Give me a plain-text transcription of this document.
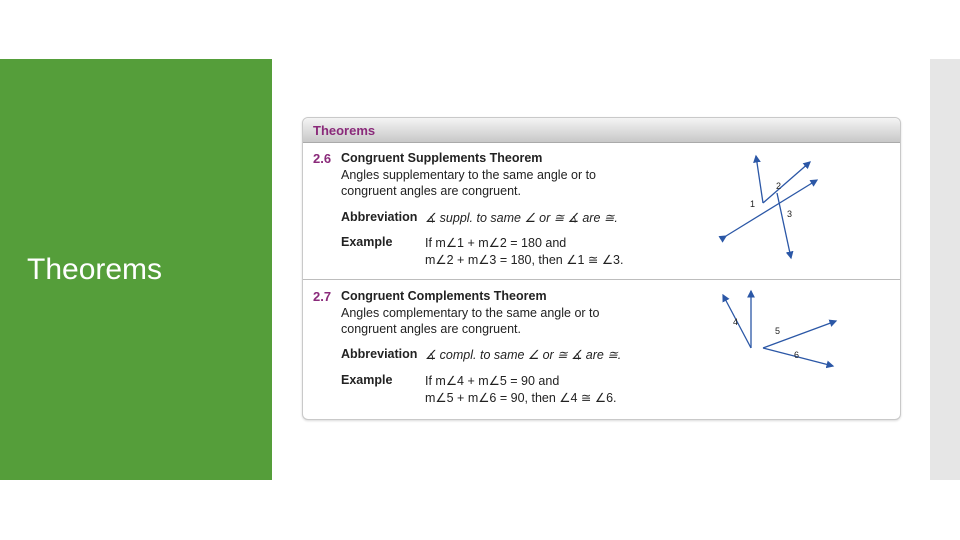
Theorems
Theorems
2.6 Congruent Supplements Theorem
Angles supplementary to the same angle or to
congruent angles are congruent.
Abbreviation ∡ suppl. to same ∠ or ≅ ∡ are ≅.
Example	If m∠1 + m∠2 = 180 and
m∠2 + m∠3 = 180, then ∠1 ≅ ∠3.
1
2
3
2.7 Congruent Complements Theorem
Angles complementary to the same angle or to
congruent angles are congruent.
Abbreviation ∡ compl. to same ∠ or ≅ ∡ are ≅.
Example	If m∠4 + m∠5 = 90 and
m∠5 + m∠6 = 90, then ∠4 ≅ ∠6.
4
5
6
